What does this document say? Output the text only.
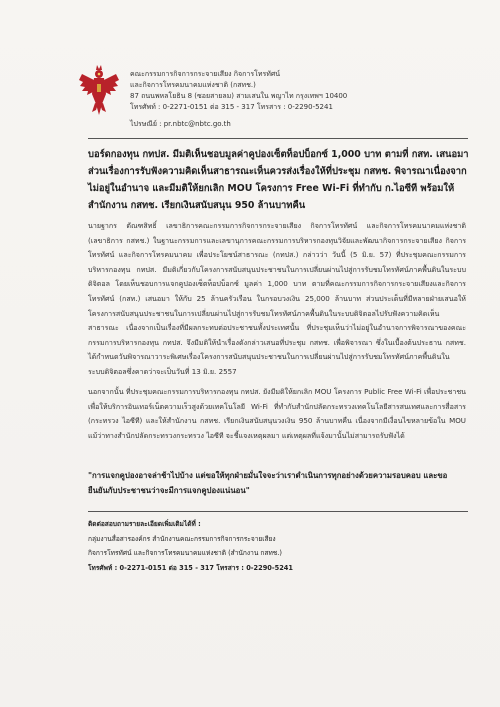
คณะกรรมการกิจการกระจายเสียง กิจการโทรทัศน์
และกิจการโทรคมนาคมแห่งชาติ (กสทช.)
87 ถนนพหลโยธิน 8 (ซอยสายลม) สามเสนใน พญาไท กรุงเทพฯ 10400
โทรศัพท์ : 0-2271-0151 ต่อ 315 - 317 โทรสาร : 0-2290-5241
ไปรษณีย์ : pr.nbtc@nbtc.go.th
บอร์ดกองทุน กทปส. มีมติเห็นชอบมูลค่าคูปองเซ็ตท็อปบ็อกซ์ 1,000 บาท ตามที่ กสท. เสนอมา ส่วนเรื่องการรับฟังความคิดเห็นสาธารณะเห็นควรส่งเรื่องให้ที่ประชุม กสทช. พิจารณาเนื่องจากไม่อยู่ในอำนาจ และมีมติให้ยกเลิก MOU โครงการ Free Wi-Fi ที่ทำกับ ก.ไอซีที พร้อมให้สำนักงาน กสทช. เรียกเงินสนับสนุน 950 ล้านบาทคืน
นายฐากร ตัณฑสิทธิ์ เลขาธิการคณะกรรมการกิจการกระจายเสียง กิจการโทรทัศน์ และกิจการโทรคมนาคมแห่งชาติ (เลขาธิการ กสทช.) ในฐานะกรรมการและเลขานุการคณะกรรมการบริหารกองทุนวิจัยและพัฒนากิจการกระจายเสียง กิจการโทรทัศน์ และกิจการโทรคมนาคม เพื่อประโยชน์สาธารณะ (กทปส.) กล่าวว่า วันนี้ (5 มิ.ย. 57) ที่ประชุมคณะกรรมการบริหารกองทุน กทปส. มีมติเกี่ยวกับโครงการสนับสนุนประชาชนในการเปลี่ยนผ่านไปสู่การรับชมโทรทัศน์ภาคพื้นดินในระบบดิจิตอล โดยเห็นชอบการแจกคูปองเซ็ตท็อปบ็อกซ์ มูลค่า 1,000 บาท ตามที่คณะกรรมการกิจการกระจายเสียงและกิจการโทรทัศน์ (กสท.) เสนอมา ให้กับ 25 ล้านครัวเรือน ในกรอบวงเงิน 25,000 ล้านบาท ส่วนประเด็นที่มีหลายฝ่ายเสนอให้โครงการสนับสนุนประชาชนในการเปลี่ยนผ่านไปสู่การรับชมโทรทัศน์ภาคพื้นดินในระบบดิจิตอลไปรับฟังความคิดเห็นสาธารณะ เนื่องจากเป็นเรื่องที่มีผลกระทบต่อประชาชนทั้งประเทศนั้น ที่ประชุมเห็นว่าไม่อยู่ในอำนาจการพิจารณาของคณะกรรมการบริหารกองทุน กทปส. จึงมีมติให้นำเรื่องดังกล่าวเสนอที่ประชุม กสทช. เพื่อพิจารณา ซึ่งในเบื้องต้นประธาน กสทช. ได้กำหนดวันพิจารณาวาระพิเศษเรื่องโครงการสนับสนุนประชาชนในการเปลี่ยนผ่านไปสู่การรับชมโทรทัศน์ภาคพื้นดินในระบบดิจิตอลซึ่งคาดว่าจะเป็นวันที่ 13 มิ.ย. 2557
นอกจากนั้น ที่ประชุมคณะกรรมการบริหารกองทุน กทปส. ยังมีมติให้ยกเลิก MOU โครงการ Public Free Wi-Fi เพื่อประชาชน เพื่อให้บริการอินเทอร์เน็ตความเร็วสูงด้วยเทคโนโลยี Wi-Fi ที่ทำกับสำนักปลัดกระทรวงเทคโนโลยีสารสนเทศและการสื่อสาร (กระทรวง ไอซีที) และให้สำนักงาน กสทช. เรียกเงินสนับสนุนวงเงิน 950 ล้านบาทคืน เนื่องจากมีเงื่อนไขหลายข้อใน MOU แม้ว่าทางสำนักปลัดกระทรวงกระทรวง ไอซีที จะชี้แจงเหตุผลมา แต่เหตุผลที่แจ้งมานั้นไม่สามารถรับฟังได้
"การแจกคูปองอาจล่าช้าไปบ้าง แต่ขอให้ทุกฝ่ายมั่นใจจะว่าเราดำเนินการทุกอย่างด้วยความรอบคอบ และขอยืนยันกับประชาชนว่าจะมีการแจกคูปองแน่นอน"
ติดต่อสอบถามรายละเอียดเพิ่มเติมได้ที่ :
กลุ่มงานสื่อสารองค์กร สำนักงานคณะกรรมการกิจการกระจายเสียง
กิจการโทรทัศน์ และกิจการโทรคมนาคมแห่งชาติ (สำนักงาน กสทช.)
โทรศัพท์ : 0-2271-0151 ต่อ 315 - 317 โทรสาร : 0-2290-5241
